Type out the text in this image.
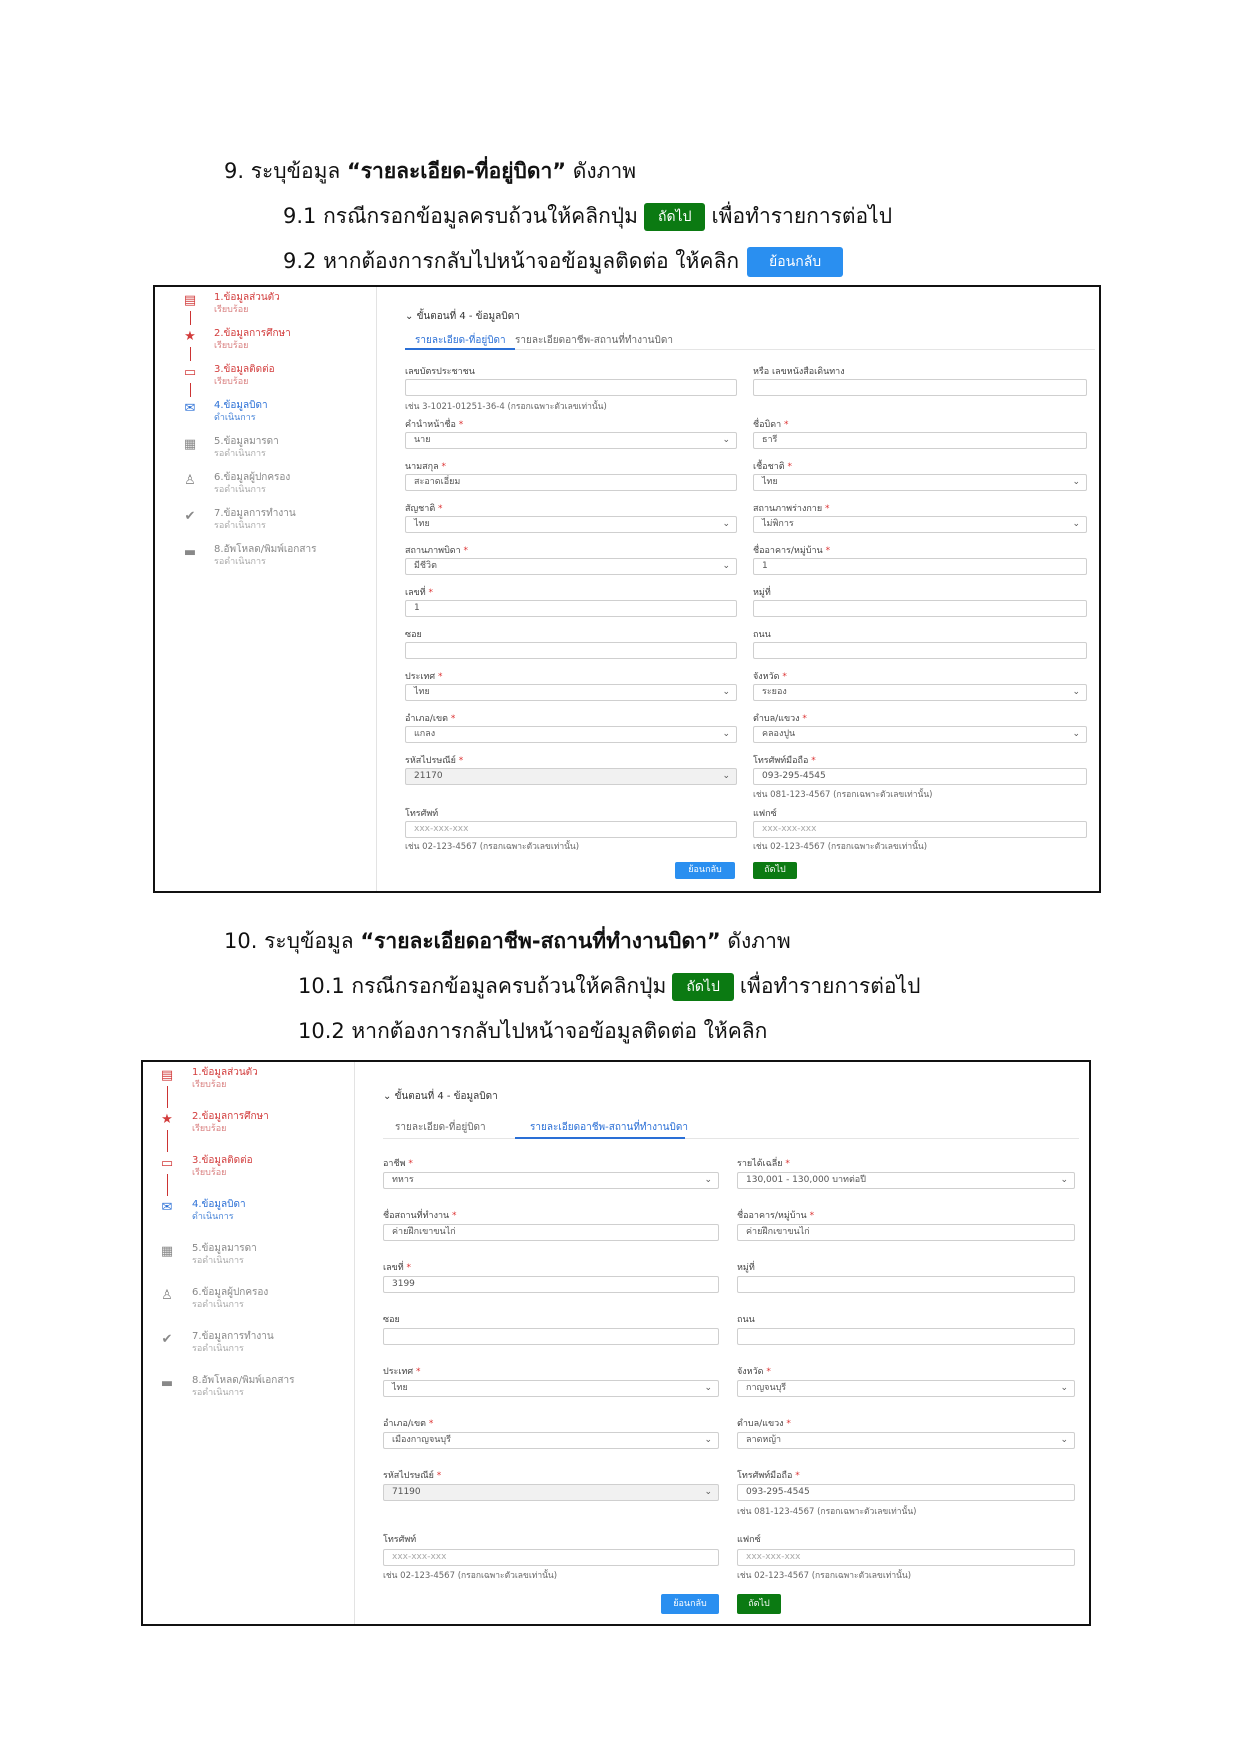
9. ระบุข้อมูล “รายละเอียด-ที่อยู่บิดา” ดังภาพ
9.1 กรณีกรอกข้อมูลครบถ้วนให้คลิกปุ่ม ถัดไป เพื่อทำรายการต่อไป
9.2 หากต้องการกลับไปหน้าจอข้อมูลติดต่อ ให้คลิก ย้อนกลับ
▤ 1.ข้อมูลส่วนตัว
เรียบร้อย
★ 2.ข้อมูลการศึกษา
เรียบร้อย
▭ 3.ข้อมูลติดต่อ
เรียบร้อย
✉ 4.ข้อมูลบิดา
ดำเนินการ
▦ 5.ข้อมูลมารดา
รอดำเนินการ
♙ 6.ข้อมูลผู้ปกครอง
รอดำเนินการ
✔ 7.ข้อมูลการทำงาน
รอดำเนินการ
▬ 8.อัพโหลด/พิมพ์เอกสาร
รอดำเนินการ
⌄ ขั้นตอนที่ 4 - ข้อมูลบิดา
รายละเอียด-ที่อยู่บิดา รายละเอียดอาชีพ-สถานที่ทำงานบิดา
เลขบัตรประชาชน	หรือ เลขหนังสือเดินทาง
เช่น 3-1021-01251-36-4 (กรอกเฉพาะตัวเลขเท่านั้น)
คำนำหน้าชื่อ *	ชื่อบิดา *
นาย	⌄	ธารี
นามสกุล *	เชื้อชาติ *
สะอาดเอี่ยม	ไทย	⌄
สัญชาติ *	สถานภาพร่างกาย *
ไทย	⌄	ไม่พิการ	⌄
สถานภาพบิดา *	ชื่ออาคาร/หมู่บ้าน *
มีชีวิต	⌄	1
เลขที่ *	หมู่ที่
1
ซอย	ถนน
ประเทศ *	จังหวัด *
ไทย	⌄	ระยอง	⌄
อำเภอ/เขต *	ตำบล/แขวง *
แกลง	⌄	คลองปูน	⌄
รหัสไปรษณีย์ *	โทรศัพท์มือถือ *
21170	⌄	093-295-4545
เช่น 081-123-4567 (กรอกเฉพาะตัวเลขเท่านั้น)
โทรศัพท์	แฟกซ์
xxx-xxx-xxx	xxx-xxx-xxx
เช่น 02-123-4567 (กรอกเฉพาะตัวเลขเท่านั้น)	เช่น 02-123-4567 (กรอกเฉพาะตัวเลขเท่านั้น)
ย้อนกลับ	ถัดไป
10. ระบุข้อมูล “รายละเอียดอาชีพ-สถานที่ทำงานบิดา” ดังภาพ
10.1 กรณีกรอกข้อมูลครบถ้วนให้คลิกปุ่ม ถัดไป เพื่อทำรายการต่อไป
10.2 หากต้องการกลับไปหน้าจอข้อมูลติดต่อ ให้คลิก
▤ 1.ข้อมูลส่วนตัว
เรียบร้อย
★ 2.ข้อมูลการศึกษา
เรียบร้อย
▭ 3.ข้อมูลติดต่อ
เรียบร้อย
✉ 4.ข้อมูลบิดา
ดำเนินการ
▦ 5.ข้อมูลมารดา
รอดำเนินการ
♙ 6.ข้อมูลผู้ปกครอง
รอดำเนินการ
✔ 7.ข้อมูลการทำงาน
รอดำเนินการ
▬ 8.อัพโหลด/พิมพ์เอกสาร
รอดำเนินการ
⌄ ขั้นตอนที่ 4 - ข้อมูลบิดา
รายละเอียด-ที่อยู่บิดา	รายละเอียดอาชีพ-สถานที่ทำงานบิดา
อาชีพ *	รายได้เฉลี่ย *
ทหาร	⌄	130,001 - 130,000 บาทต่อปี	⌄
ชื่อสถานที่ทำงาน *	ชื่ออาคาร/หมู่บ้าน *
ค่ายฝึกเขาขนไก่	ค่ายฝึกเขาขนไก่
เลขที่ *	หมู่ที่
3199
ซอย	ถนน
ประเทศ *	จังหวัด *
ไทย	⌄	กาญจนบุรี	⌄
อำเภอ/เขต *	ตำบล/แขวง *
เมืองกาญจนบุรี	⌄	ลาดหญ้า	⌄
รหัสไปรษณีย์ *	โทรศัพท์มือถือ *
71190	⌄	093-295-4545
เช่น 081-123-4567 (กรอกเฉพาะตัวเลขเท่านั้น)
โทรศัพท์	แฟกซ์
xxx-xxx-xxx	xxx-xxx-xxx
เช่น 02-123-4567 (กรอกเฉพาะตัวเลขเท่านั้น)	เช่น 02-123-4567 (กรอกเฉพาะตัวเลขเท่านั้น)
ย้อนกลับ	ถัดไป
